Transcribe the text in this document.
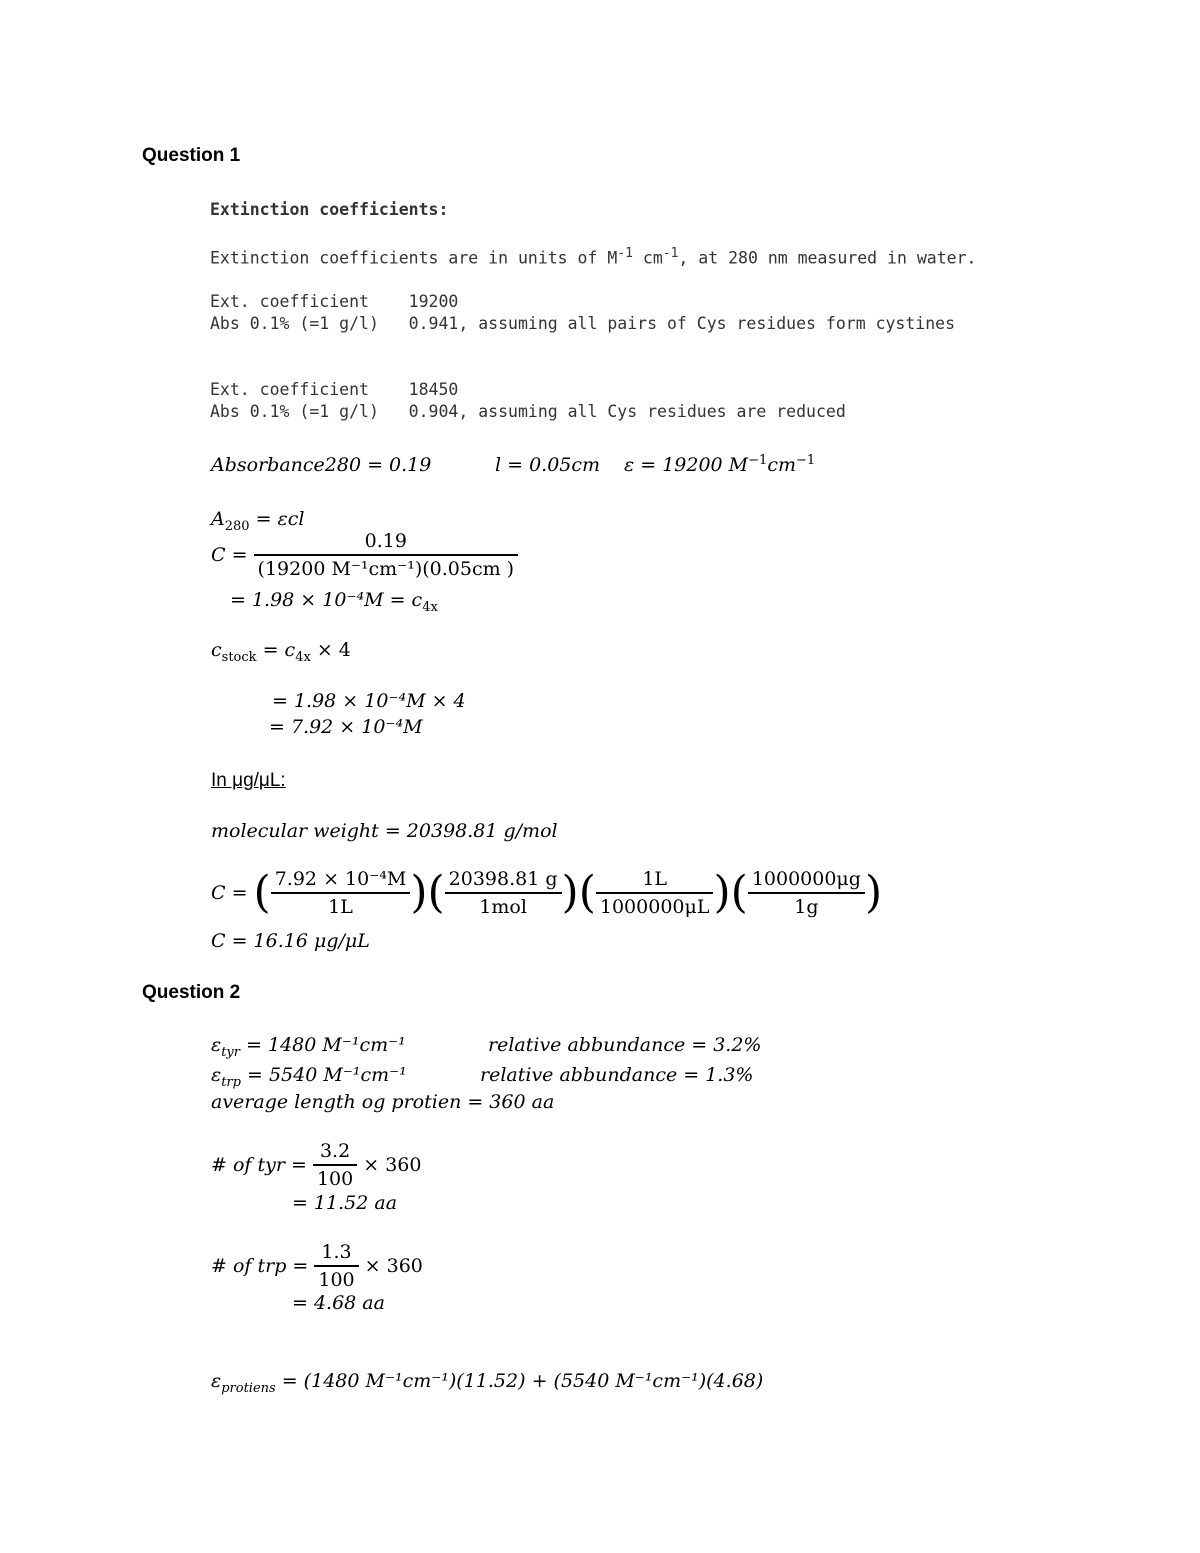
Question 1
Extinction coefficients:
Extinction coefficients are in units of $M^{-1}$ $cm^{-1}$, at 280 nm measured in water.
Ext. coefficient    19200
Abs 0.1% (=1 g/l)   0.941, assuming all pairs of Cys residues form cystines
Ext. coefficient    18450
Abs 0.1% (=1 g/l)   0.904, assuming all Cys residues are reduced
Absorbance280 = 0.19	l = 0.05cm ε = 19200 $M^{-1}cm^{-1}$
$A_{280} = \varepsilon cl$
$C = \frac{0.19}{\text{(19200 M⁻¹cm⁻¹)(0.05cm )}}$
= $1.98 \times 10^{-4}M = c_{4x}$
$c_{stock} = c_{4x} \times 4$
= 1.98 × 10⁻⁴M × 4
= 7.92 × 10⁻⁴M
In μg/μL:
molecular weight = 20398.81 g/mol
C = ( $\frac{\text{7.92 × 10⁻⁴M}}{1L}$ )( $\frac{20398.81 g}{\text{1mol}}$ )( $\frac{1L}{1000000\mu L}$ )( $\frac{1000000\mu g}{1g}$ )
C = 16.16 μg/μL
Question 2
$\varepsilon_{tyr} = 1480$ M⁻¹cm⁻¹	relative abbundance = 3.2%
$\varepsilon_{trp} = 5540$ M⁻¹cm⁻¹	relative abbundance = 1.3%
average length og protien = 360 aa
# of tyr = $\frac{3.2}{100} \times 360$
= 11.52 aa
# of trp = $\frac{1.3}{100} \times 360$
= 4.68 aa
$\varepsilon_{protiens} = (1480$ M⁻¹cm⁻¹)(11.52) + (5540 M⁻¹cm⁻¹)(4.68)
